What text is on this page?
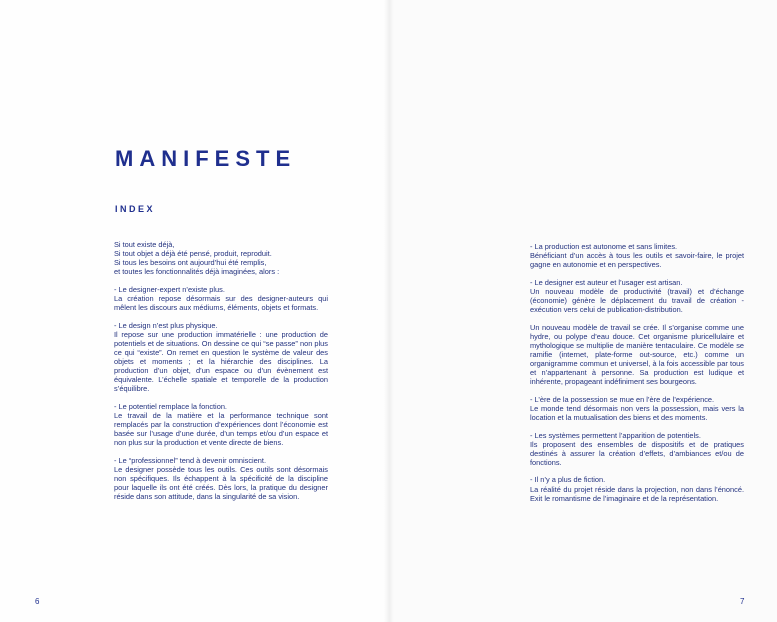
MANIFESTE
INDEX
Si tout existe déjà,
Si tout objet a déjà été pensé, produit, reproduit.
Si tous les besoins ont aujourd’hui été remplis,
et toutes les fonctionnalités déjà imaginées, alors :
- Le designer-expert n’existe plus.
La création repose désormais sur des designer-auteurs qui mêlent les discours aux médiums, éléments, objets et formats.
- Le design n’est plus physique.
Il repose sur une production immatérielle : une production de potentiels et de situations. On dessine ce qui “se passe” non plus ce qui “existe”. On remet en question le système de valeur des objets et moments ; et la hiérarchie des disciplines. La production d’un objet, d’un espace ou d’un évènement est équivalente. L’échelle spatiale et temporelle de la production s’équilibre.
- Le potentiel remplace la fonction.
Le travail de la matière et la performance technique sont remplacés par la construction d’expériences dont l’économie est basée sur l’usage d’une durée, d’un temps et/ou d’un espace et non plus sur la production et vente directe de biens.
- Le “professionnel” tend à devenir omniscient.
Le designer possède tous les outils. Ces outils sont désormais non spécifiques. Ils échappent à la spécificité de la discipline pour laquelle ils ont été créés. Dès lors, la pratique du designer réside dans son attitude, dans la singularité de sa vision.
- La production est autonome et sans limites.
Bénéficiant d’un accès à tous les outils et savoir-faire, le projet gagne en autonomie et en perspectives.
- Le designer est auteur et l’usager est artisan.
Un nouveau modèle de productivité (travail) et d’échange (économie) génère le déplacement du travail de création - exécution vers celui de publication-distribution.
Un nouveau modèle de travail se crée. Il s’organise comme une hydre, ou polype d’eau douce. Cet organisme pluricellulaire et mythologique se multiplie de manière tentaculaire. Ce modèle se ramifie (internet, plate-forme out-source, etc.) comme un organigramme commun et universel, à la fois accessible par tous et n’appartenant à personne. Sa production est ludique et inhérente, propageant indéfiniment ses bourgeons.
- L’ère de la possession se mue en l’ère de l’expérience.
Le monde tend désormais non vers la possession, mais vers la location et la mutualisation des biens et des moments.
- Les systèmes permettent l’apparition de potentiels.
Ils proposent des ensembles de dispositifs et de pratiques destinés à assurer la création d’effets, d’ambiances et/ou de fonctions.
- Il n’y a plus de fiction.
La réalité du projet réside dans la projection, non dans l’énoncé. Exit le romantisme de l’imaginaire et de la représentation.
6	7
